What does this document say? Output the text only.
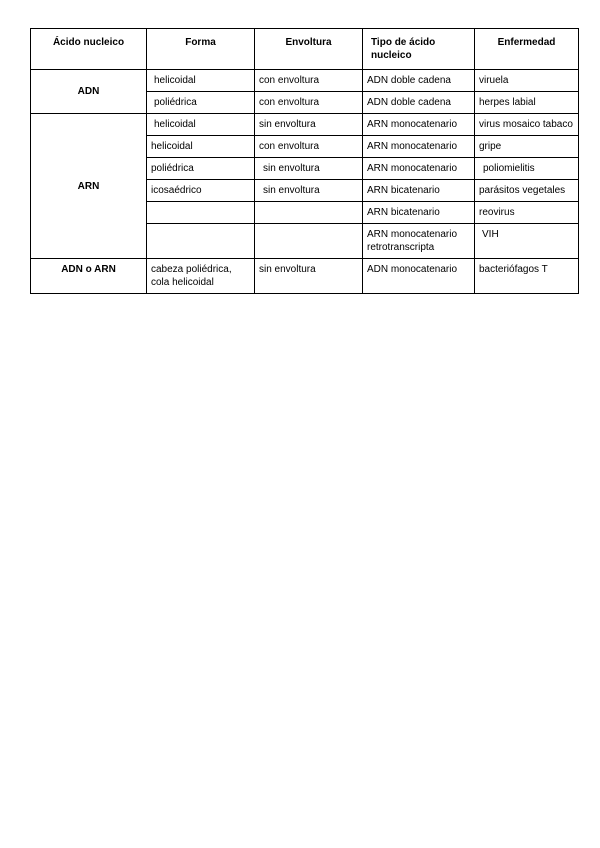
Ácido nucleico	Forma	Envoltura	Tipo de ácido nucleico	Enfermedad
ADN	helicoidal	con envoltura	ADN doble cadena	viruela
	poliédrica	con envoltura	ADN doble cadena	herpes labial
ARN	helicoidal	sin envoltura	ARN monocatenario	virus mosaico tabaco
	helicoidal	con envoltura	ARN monocatenario	gripe
	poliédrica	sin envoltura	ARN monocatenario	poliomielitis
	icosaédrico	sin envoltura	ARN bicatenario	parásitos vegetales
			ARN bicatenario	reovirus
			ARN monocatenario retrotranscripta	VIH
ADN o ARN	cabeza poliédrica, cola helicoidal	sin envoltura	ADN monocatenario	bacteriófagos T
